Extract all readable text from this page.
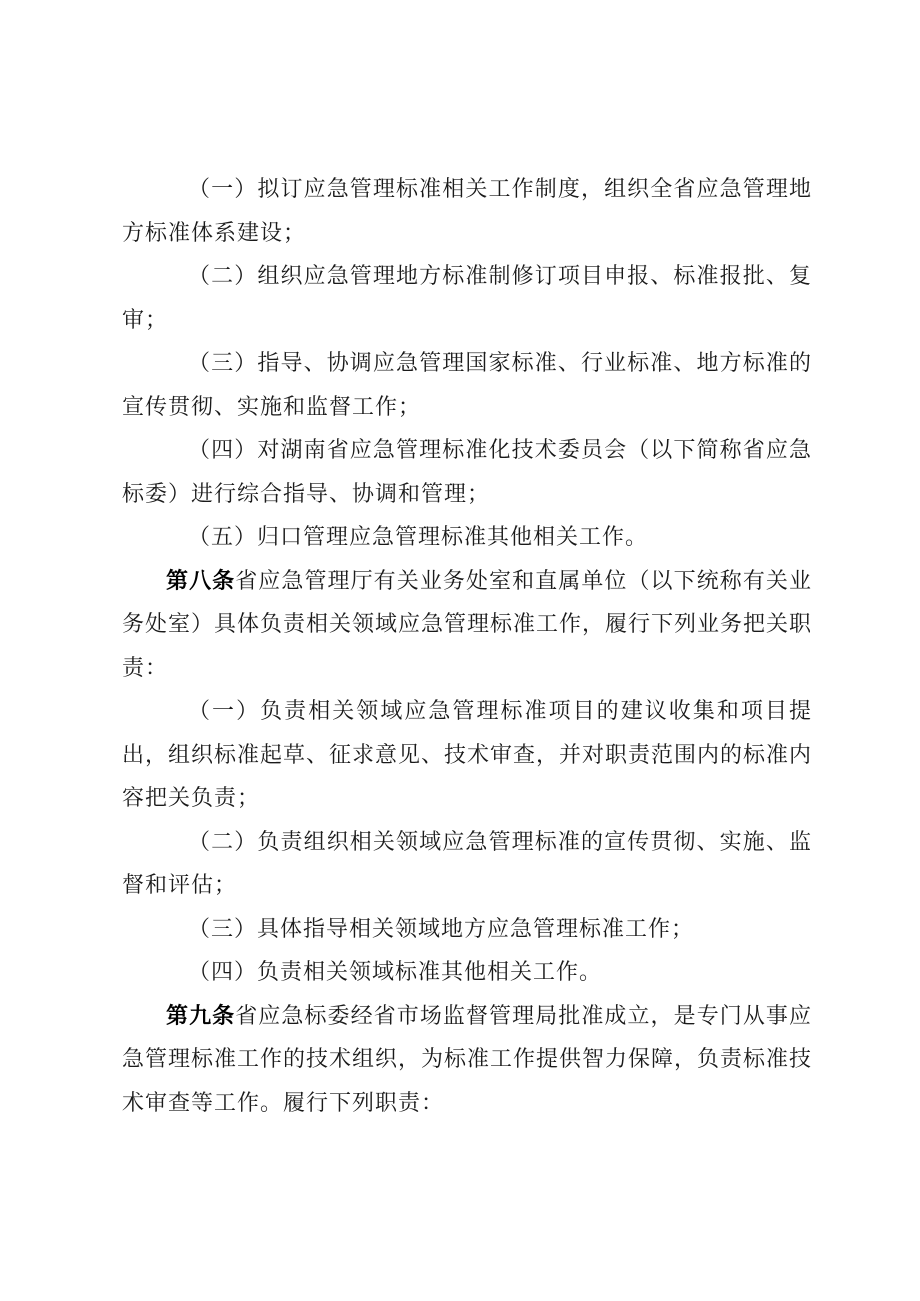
（一）拟订应急管理标准相关工作制度，组织全省应急管理地方标准体系建设；

（二）组织应急管理地方标准制修订项目申报、标准报批、复审；

（三）指导、协调应急管理国家标准、行业标准、地方标准的宣传贯彻、实施和监督工作；

（四）对湖南省应急管理标准化技术委员会（以下简称省应急标委）进行综合指导、协调和管理；

（五）归口管理应急管理标准其他相关工作。

第八条省应急管理厅有关业务处室和直属单位（以下统称有关业务处室）具体负责相关领域应急管理标准工作，履行下列业务把关职责：

（一）负责相关领域应急管理标准项目的建议收集和项目提出，组织标准起草、征求意见、技术审查，并对职责范围内的标准内容把关负责；

（二）负责组织相关领域应急管理标准的宣传贯彻、实施、监督和评估；

（三）具体指导相关领域地方应急管理标准工作；

（四）负责相关领域标准其他相关工作。

第九条省应急标委经省市场监督管理局批准成立，是专门从事应急管理标准工作的技术组织，为标准工作提供智力保障，负责标准技术审查等工作。履行下列职责：
